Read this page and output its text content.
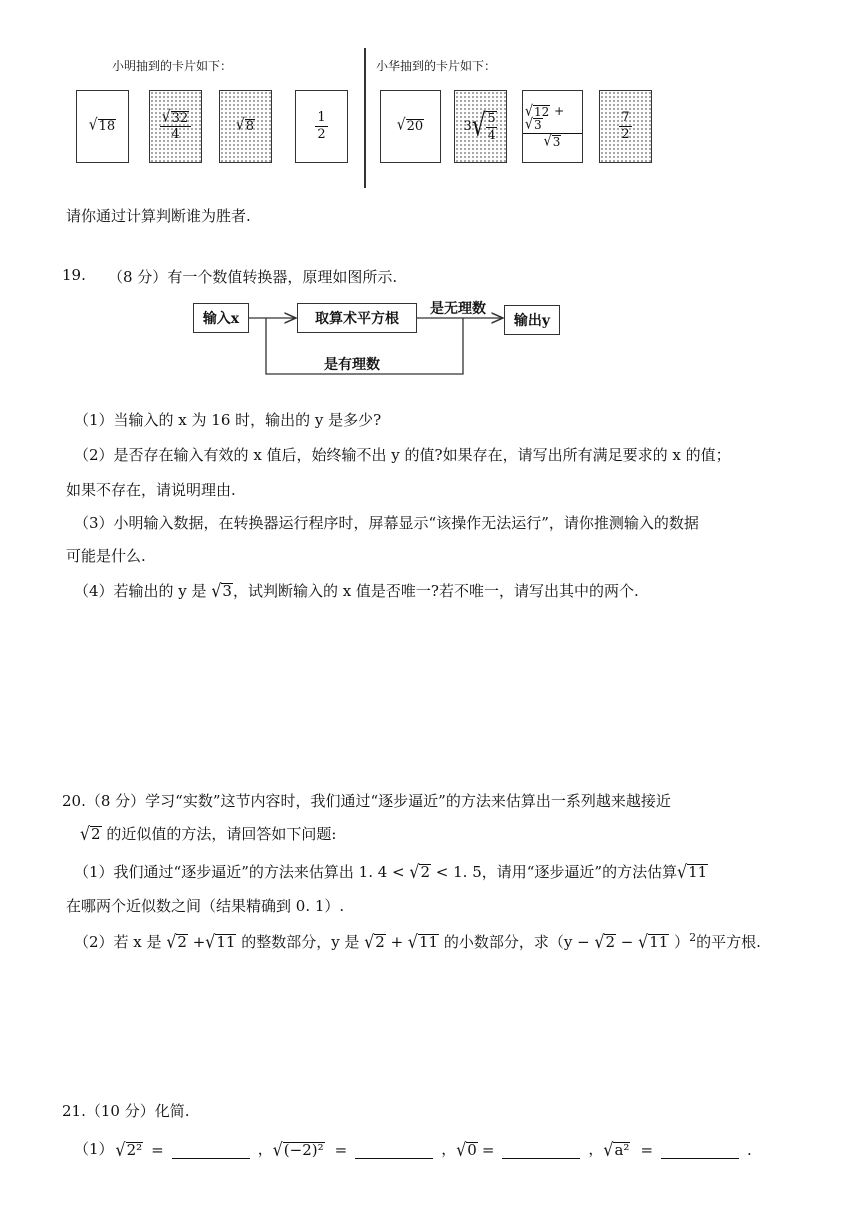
小明抽到的卡片如下：	小华抽到的卡片如下：
√ 18	$\frac{√ 32}{4}$	√ 8	$\frac{1}{2}$	√ 20	3 √ $\frac{5}{4}$ √ 12 +
√ 3
√ 3	$\frac{7}{2}$
请你通过计算判断谁为胜者.
19. （8 分）有一个数值转换器，原理如图所示.
输入x	取算术平方根	输出y
是无理数
是有理数
（1）当输入的 x 为 16 时，输出的 y 是多少?
（2）是否存在输入有效的 x 值后，始终输不出 y 的值?如果存在，请写出所有满足要求的 x 的值；
如果不存在，请说明理由.
（3）小明输入数据，在转换器运行程序时，屏幕显示“该操作无法运行”，请你推测输入的数据
可能是什么.
（4）若输出的 y 是 √ 3 ，试判断输入的 x 值是否唯一?若不唯一，请写出其中的两个.
20.（8 分）学习“实数”这节内容时，我们通过“逐步逼近”的方法来估算出一系列越来越接近
√ 2 的近似值的方法，请回答如下问题:
（1）我们通过“逐步逼近”的方法来估算出 1. 4 < √ 2 < 1. 5，请用“逐步逼近”的方法估算 √ 11
在哪两个近似数之间（结果精确到 0. 1）.
（2）若 x 是 √ 2 + √ 11 的整数部分，y 是 √ 2 + √ 11 的小数部分，求（y − √ 2 − √ 11 ）$^2$的平方根.
21.（10 分）化简.
（1） √ 2² =	， √ (−2)² =	， √ 0 =	， √ a² =	.
